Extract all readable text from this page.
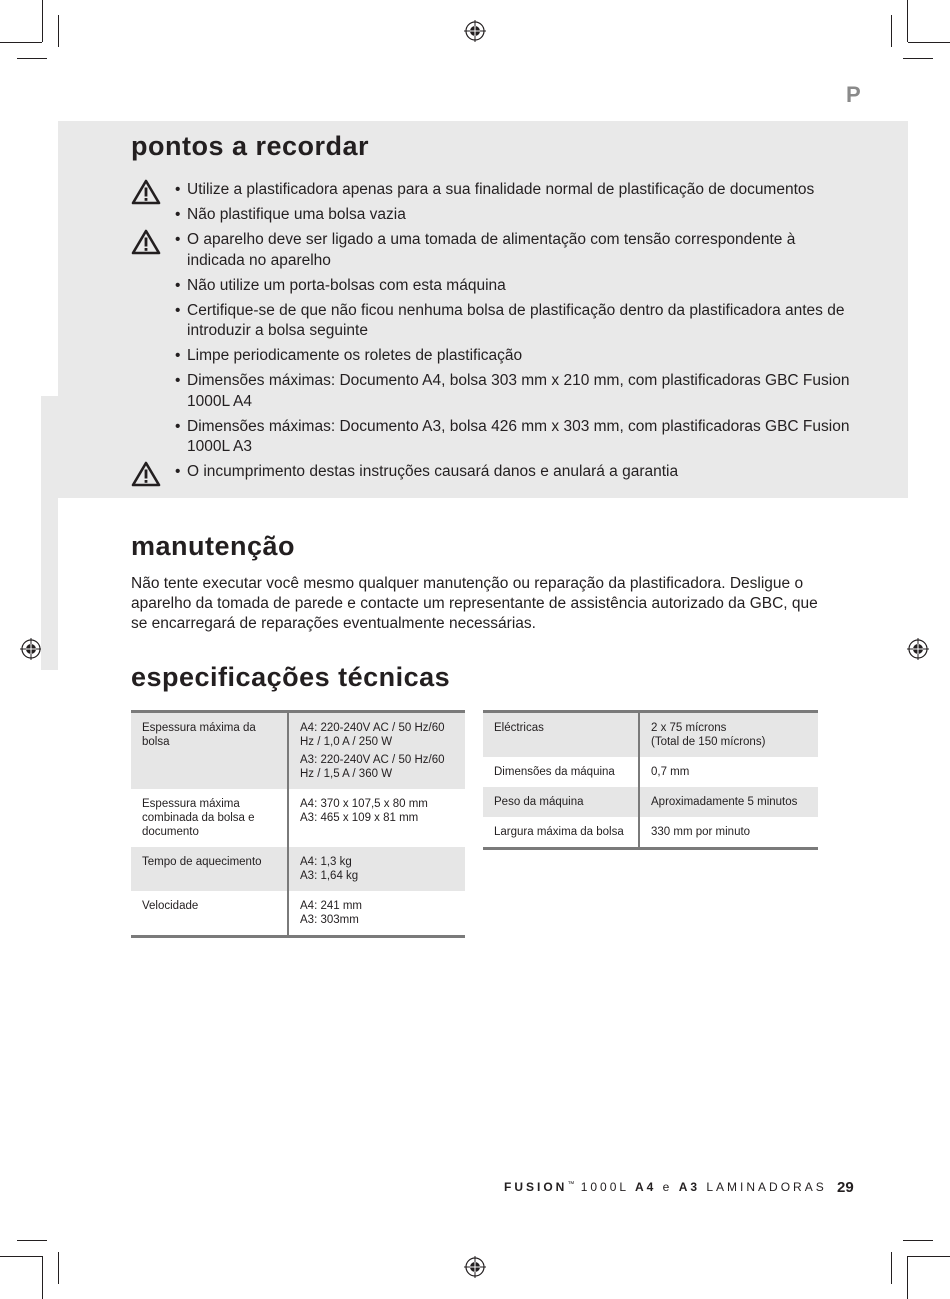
P
pontos a recordar
• Utilize a plastificadora apenas para a sua finalidade normal de plastificação de documentos
• Não plastifique uma bolsa vazia
• O aparelho deve ser ligado a uma tomada de alimentação com tensão correspondente à indicada no aparelho
• Não utilize um porta-bolsas com esta máquina
• Certifique-se de que não ficou nenhuma bolsa de plastificação dentro da plastificadora antes de introduzir a bolsa seguinte
• Limpe periodicamente os roletes de plastificação
• Dimensões máximas: Documento A4, bolsa 303 mm x 210 mm, com plastificadoras GBC Fusion 1000L A4
• Dimensões máximas: Documento A3, bolsa 426 mm x 303 mm, com plastificadoras GBC Fusion 1000L A3
• O incumprimento destas instruções causará danos e anulará a garantia
manutenção

Não tente executar você mesmo qualquer manutenção ou reparação da plastificadora. Desligue o aparelho da tomada de parede e contacte um representante de assistência autorizado da GBC, que se encarregará de reparações eventualmente necessárias.

especificações técnicas
Espessura máxima da bolsa	A4: 220-240V AC / 50 Hz/60 Hz / 1,0 A / 250 W
A3: 220-240V AC / 50 Hz/60 Hz / 1,5 A / 360 W

Espessura máxima combinada da bolsa e documento	A4: 370 x 107,5 x 80 mm
A3: 465 x 109 x 81 mm
Tempo de aquecimento	A4: 1,3 kg
A3: 1,64 kg
Velocidade	A4: 241 mm
A3: 303mm
Eléctricas	2 x 75 mícrons
(Total de 150 mícrons)
Dimensões da máquina	0,7 mm
Peso da máquina	Aproximadamente 5 minutos
Largura máxima da bolsa	330 mm por minuto
FUSION™ 1000L A4 e A3 LAMINADORAS 29
